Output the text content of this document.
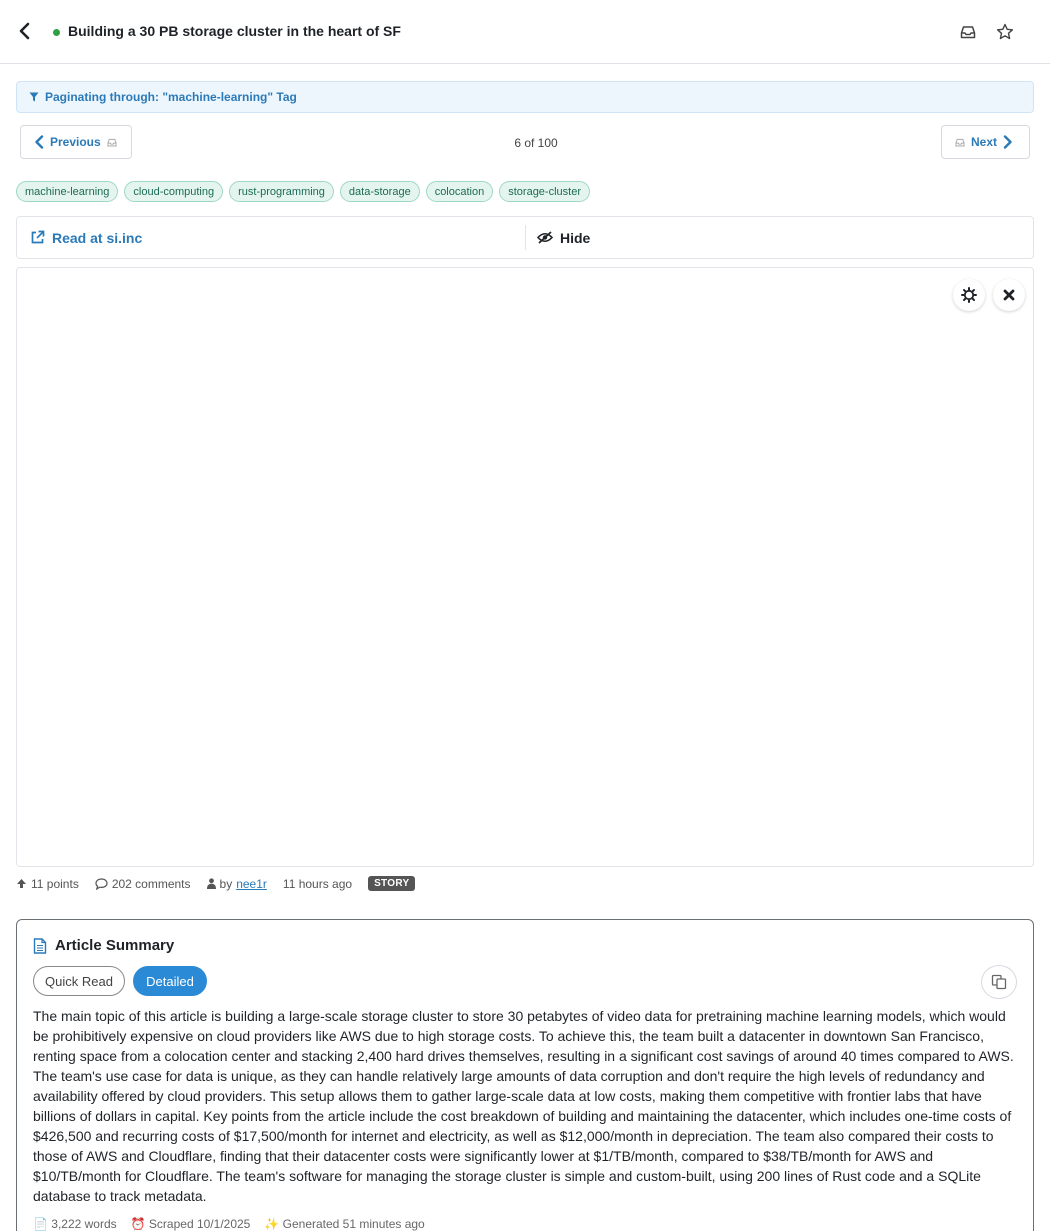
Building a 30 PB storage cluster in the heart of SF
Paginating through: "machine-learning" Tag
Previous	6 of 100	Next
machine-learning	cloud-computing	rust-programming	data-storage	colocation	storage-cluster
Read at si.inc	Hide
11 points	202 comments by nee1r 11 hours ago	STORY
Article Summary
Quick Read	Detailed
The main topic of this article is building a large-scale storage cluster to store 30 petabytes of video data for pretraining machine learning models, which would be prohibitively expensive on cloud providers like AWS due to high storage costs. To achieve this, the team built a datacenter in downtown San Francisco, renting space from a colocation center and stacking 2,400 hard drives themselves, resulting in a significant cost savings of around 40 times compared to AWS. The team's use case for data is unique, as they can handle relatively large amounts of data corruption and don't require the high levels of redundancy and availability offered by cloud providers. This setup allows them to gather large-scale data at low costs, making them competitive with frontier labs that have billions of dollars in capital. Key points from the article include the cost breakdown of building and maintaining the datacenter, which includes one-time costs of $426,500 and recurring costs of $17,500/month for internet and electricity, as well as $12,000/month in depreciation. The team also compared their costs to those of AWS and Cloudflare, finding that their datacenter costs were significantly lower at $1/TB/month, compared to $38/TB/month for AWS and $10/TB/month for Cloudflare. The team's software for managing the storage cluster is simple and custom-built, using 200 lines of Rust code and a SQLite database to track metadata.
📄 3,222 words ⏰ Scraped 10/1/2025 ✨ Generated 51 minutes ago
